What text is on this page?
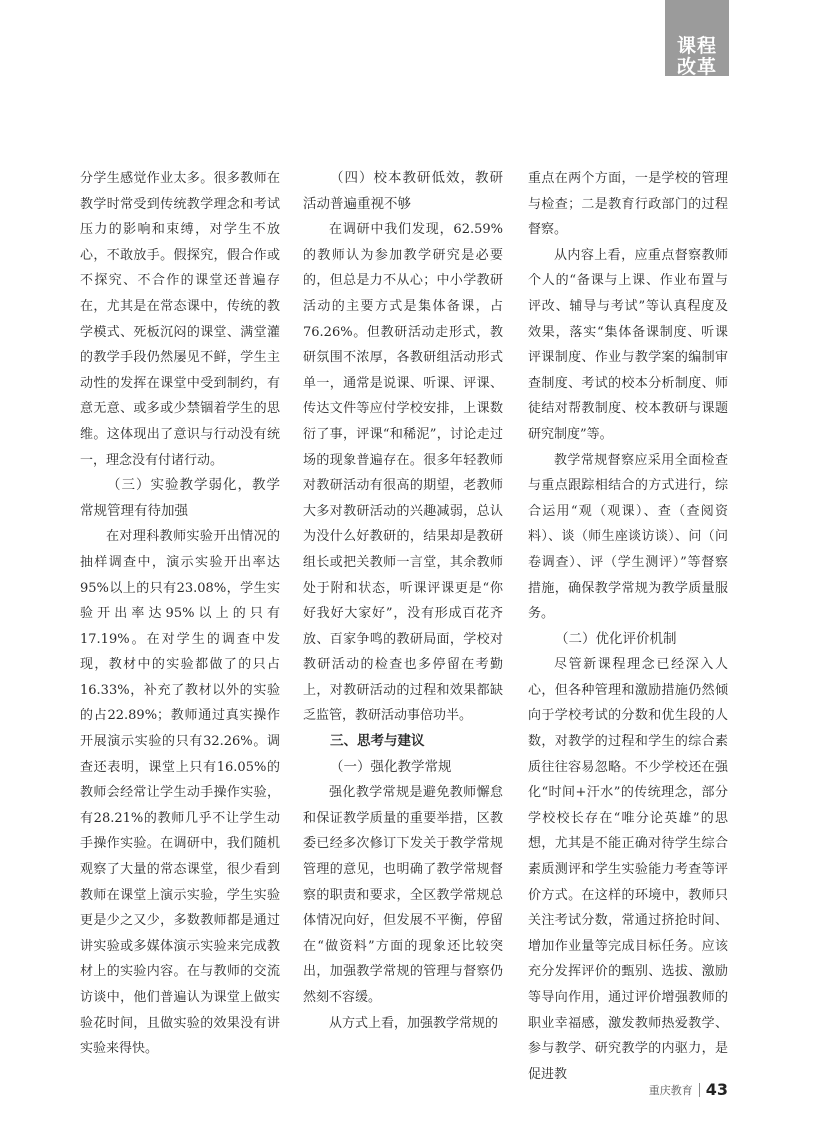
课程
改革

分学生感觉作业太多。很多教师在教学时常受到传统教学理念和考试压力的影响和束缚，对学生不放心，不敢放手。假探究，假合作或不探究、不合作的课堂还普遍存在，尤其是在常态课中，传统的教学模式、死板沉闷的课堂、满堂灌的教学手段仍然屡见不鲜，学生主动性的发挥在课堂中受到制约，有意无意、或多或少禁锢着学生的思维。这体现出了意识与行动没有统一，理念没有付诸行动。

（三）实验教学弱化，教学常规管理有待加强

在对理科教师实验开出情况的抽样调查中，演示实验开出率达95%以上的只有23.08%，学生实验开出率达95%以上的只有17.19%。在对学生的调查中发现，教材中的实验都做了的只占16.33%，补充了教材以外的实验的占22.89%；教师通过真实操作开展演示实验的只有32.26%。调查还表明，课堂上只有16.05%的教师会经常让学生动手操作实验，有28.21%的教师几乎不让学生动手操作实验。在调研中，我们随机观察了大量的常态课堂，很少看到教师在课堂上演示实验，学生实验更是少之又少，多数教师都是通过讲实验或多媒体演示实验来完成教材上的实验内容。在与教师的交流访谈中，他们普遍认为课堂上做实验花时间，且做实验的效果没有讲实验来得快。

（四）校本教研低效，教研活动普遍重视不够

在调研中我们发现，62.59%的教师认为参加教学研究是必要的，但总是力不从心；中小学教研活动的主要方式是集体备课，占76.26%。但教研活动走形式，教研氛围不浓厚，各教研组活动形式单一，通常是说课、听课、评课、传达文件等应付学校安排，上课数衍了事，评课“和稀泥”，讨论走过场的现象普遍存在。很多年轻教师对教研活动有很高的期望，老教师大多对教研活动的兴趣减弱，总认为没什么好教研的，结果却是教研组长或把关教师一言堂，其余教师处于附和状态，听课评课更是“你好我好大家好”，没有形成百花齐放、百家争鸣的教研局面，学校对教研活动的检查也多停留在考勤上，对教研活动的过程和效果都缺乏监管，教研活动事倍功半。

三、思考与建议

（一）强化教学常规

强化教学常规是避免教师懈怠和保证教学质量的重要举措，区教委已经多次修订下发关于教学常规管理的意见，也明确了教学常规督察的职责和要求，全区教学常规总体情况向好，但发展不平衡，停留在“做资料”方面的现象还比较突出，加强教学常规的管理与督察仍然刻不容缓。

从方式上看，加强教学常规的

重点在两个方面，一是学校的管理与检查；二是教育行政部门的过程督察。

从内容上看，应重点督察教师个人的“备课与上课、作业布置与评改、辅导与考试”等认真程度及效果，落实“集体备课制度、听课评课制度、作业与教学案的编制审查制度、考试的校本分析制度、师徒结对帮教制度、校本教研与课题研究制度”等。

教学常规督察应采用全面检查与重点跟踪相结合的方式进行，综合运用“观（观课）、查（查阅资料）、谈（师生座谈访谈）、问（问卷调查）、评（学生测评）”等督察措施，确保教学常规为教学质量服务。

（二）优化评价机制

尽管新课程理念已经深入人心，但各种管理和激励措施仍然倾向于学校考试的分数和优生段的人数，对教学的过程和学生的综合素质往往容易忽略。不少学校还在强化“时间+汗水”的传统理念，部分学校校长存在“唯分论英雄”的思想，尤其是不能正确对待学生综合素质测评和学生实验能力考查等评价方式。在这样的环境中，教师只关注考试分数，常通过挤抢时间、增加作业量等完成目标任务。应该充分发挥评价的甄别、选拔、激励等导向作用，通过评价增强教师的职业幸福感，激发教师热爱教学、参与教学、研究教学的内驱力，是促进教

重庆教育 43
